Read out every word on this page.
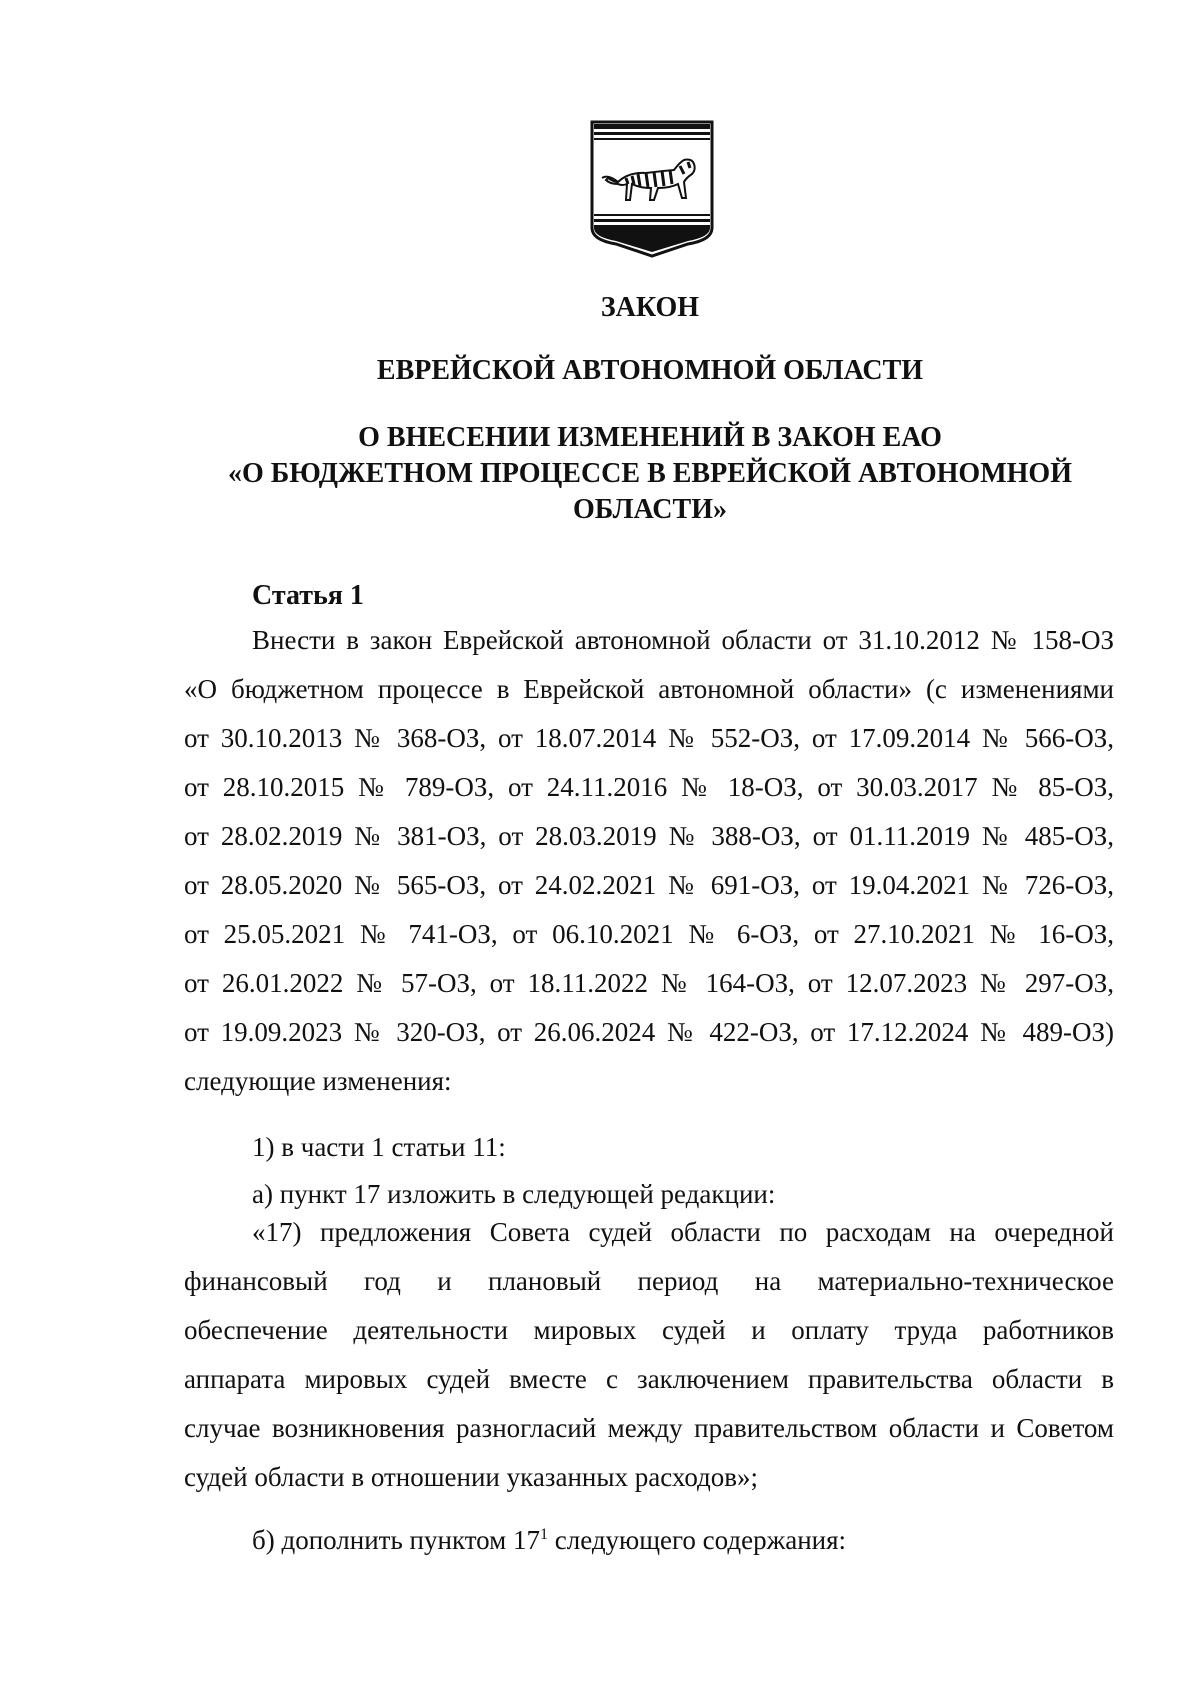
ЗАКОН
ЕВРЕЙСКОЙ АВТОНОМНОЙ ОБЛАСТИ
О ВНЕСЕНИИ ИЗМЕНЕНИЙ В ЗАКОН ЕАО
«О БЮДЖЕТНОМ ПРОЦЕССЕ В ЕВРЕЙСКОЙ АВТОНОМНОЙ
ОБЛАСТИ»
Статья 1

Внести в закон Еврейской автономной области от 31.10.2012 № 158-ОЗ
«О бюджетном процессе в Еврейской автономной области» (с изменениями
от 30.10.2013 № 368-ОЗ, от 18.07.2014 № 552-ОЗ, от 17.09.2014 № 566-ОЗ,
от 28.10.2015 № 789-ОЗ, от 24.11.2016 № 18-ОЗ, от 30.03.2017 № 85-ОЗ,
от 28.02.2019 № 381-ОЗ, от 28.03.2019 № 388-ОЗ, от 01.11.2019 № 485-ОЗ,
от 28.05.2020 № 565-ОЗ, от 24.02.2021 № 691-ОЗ, от 19.04.2021 № 726-ОЗ,
от 25.05.2021 № 741-ОЗ, от 06.10.2021 № 6-ОЗ, от 27.10.2021 № 16-ОЗ,
от 26.01.2022 № 57-ОЗ, от 18.11.2022 № 164-ОЗ, от 12.07.2023 № 297-ОЗ,
от 19.09.2023 № 320-ОЗ, от 26.06.2024 № 422-ОЗ, от 17.12.2024 № 489-ОЗ)
следующие изменения:

1) в части 1 статьи 11:

а) пункт 17 изложить в следующей редакции:

«17) предложения Совета судей области по расходам на очередной
финансовый год и плановый период на материально-техническое
обеспечение деятельности мировых судей и оплату труда работников
аппарата мировых судей вместе с заключением правительства области в
случае возникновения разногласий между правительством области и Советом
судей области в отношении указанных расходов»;

б) дополнить пунктом $17^1$ следующего содержания:
